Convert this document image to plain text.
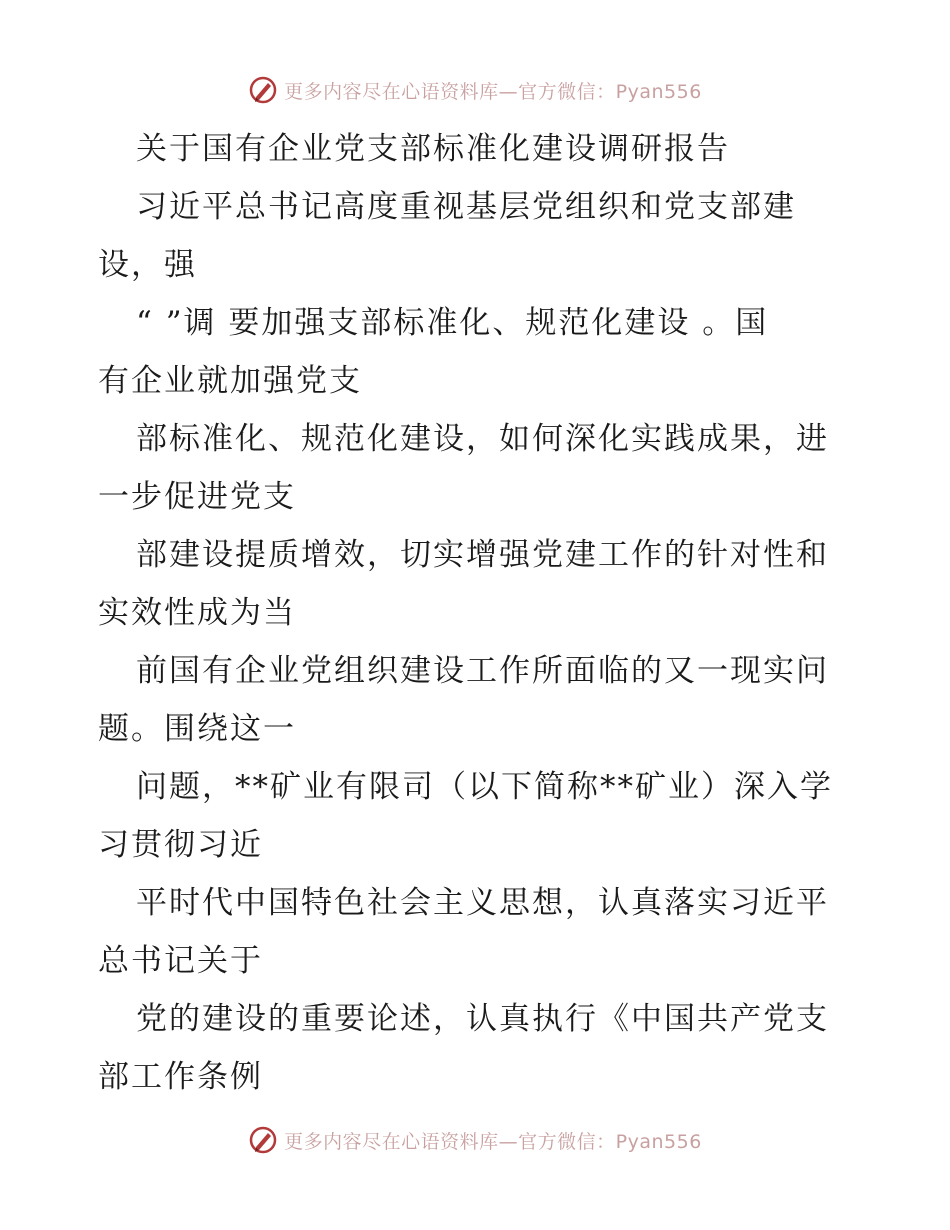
更多内容尽在心语资料库—官方微信：Pyan556
关于国有企业党支部标准化建设调研报告
习近平总书记高度重视基层党组织和党支部建
设，强
“ ”调 要加强支部标准化、规范化建设 。国
有企业就加强党支
部标准化、规范化建设，如何深化实践成果，进
一步促进党支
部建设提质增效，切实增强党建工作的针对性和
实效性成为当
前国有企业党组织建设工作所面临的又一现实问
题。围绕这一
问题，**矿业有限司（以下简称**矿业）深入学
习贯彻习近
平时代中国特色社会主义思想，认真落实习近平
总书记关于
党的建设的重要论述，认真执行《中国共产党支
部工作条例
更多内容尽在心语资料库—官方微信：Pyan556
